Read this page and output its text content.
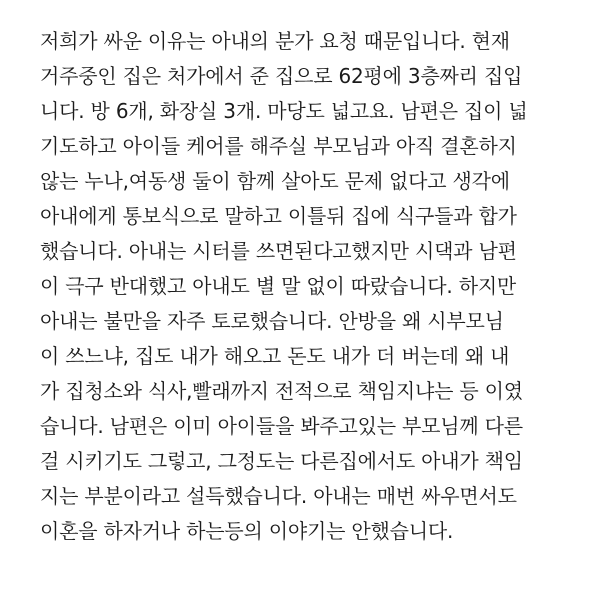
저희가 싸운 이유는 아내의 분가 요청 때문입니다. 현재
거주중인 집은 처가에서 준 집으로 62평에 3층짜리 집입
니다. 방 6개, 화장실 3개. 마당도 넓고요. 남편은 집이 넓
기도하고 아이들 케어를 해주실 부모님과 아직 결혼하지
않는 누나,여동생 둘이 함께 살아도 문제 없다고 생각에
아내에게 통보식으로 말하고 이틀뒤 집에 식구들과 합가
했습니다. 아내는 시터를 쓰면된다고했지만 시댁과 남편
이 극구 반대했고 아내도 별 말 없이 따랐습니다. 하지만
아내는 불만을 자주 토로했습니다. 안방을 왜 시부모님
이 쓰느냐, 집도 내가 해오고 돈도 내가 더 버는데 왜 내
가 집청소와 식사,빨래까지 전적으로 책임지냐는 등 이였
습니다. 남편은 이미 아이들을 봐주고있는 부모님께 다른
걸 시키기도 그렇고, 그정도는 다른집에서도 아내가 책임
지는 부분이라고 설득했습니다. 아내는 매번 싸우면서도
이혼을 하자거나 하는등의 이야기는 안했습니다.
